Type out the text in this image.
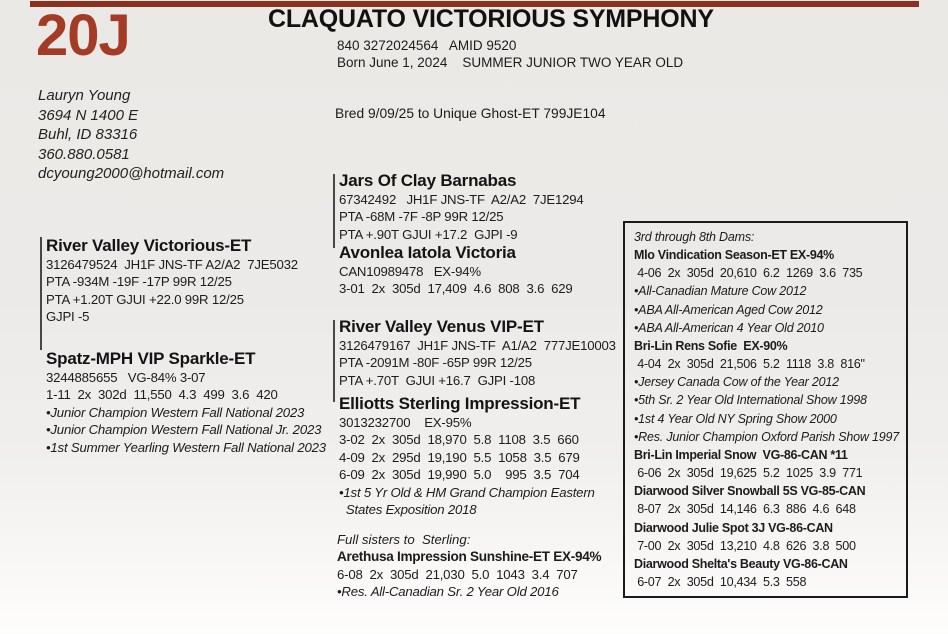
20J
Lauryn Young
3694 N 1400 E
Buhl, ID 83316
360.880.0581
dcyoung2000@hotmail.com
CLAQUATO VICTORIOUS SYMPHONY
840 3272024564   AMID 9520
Born June 1, 2024    SUMMER JUNIOR TWO YEAR OLD
Bred 9/09/25 to Unique Ghost-ET 799JE104
River Valley Victorious-ET
3126479524  JH1F JNS-TF A2/A2  7JE5032
PTA -934M -19F -17P 99R 12/25
PTA +1.20T GJUI +22.0 99R 12/25
GJPI -5
Spatz-MPH VIP Sparkle-ET
3244885655   VG-84% 3-07
1-11  2x  302d  11,550  4.3  499  3.6  420
•Junior Champion Western Fall National 2023
•Junior Champion Western Fall National Jr. 2023
•1st Summer Yearling Western Fall National 2023
Jars Of Clay Barnabas
67342492   JH1F JNS-TF  A2/A2  7JE1294
PTA -68M -7F -8P 99R 12/25
PTA +.90T GJUI +17.2  GJPI -9
Avonlea Iatola Victoria
CAN10989478   EX-94%
3-01  2x  305d  17,409  4.6  808  3.6  629
River Valley Venus VIP-ET
3126479167  JH1F JNS-TF  A1/A2  777JE10003
PTA -2091M -80F -65P 99R 12/25
PTA +.70T  GJUI +16.7  GJPI -108
Elliotts Sterling Impression-ET
3013232700    EX-95%
3-02  2x  305d  18,970  5.8  1108  3.5  660
4-09  2x  295d  19,190  5.5  1058  3.5  679
6-09  2x  305d  19,990  5.0    995  3.5  704
•1st 5 Yr Old & HM Grand Champion Eastern
States Exposition 2018
Full sisters to  Sterling:
Arethusa Impression Sunshine-ET EX-94%
6-08  2x  305d  21,030  5.0  1043  3.4  707
•Res. All-Canadian Sr. 2 Year Old 2016
3rd through 8th Dams:
Mlo Vindication Season-ET EX-94%
4-06  2x  305d  20,610  6.2  1269  3.6  735
•All-Canadian Mature Cow 2012
•ABA All-American Aged Cow 2012
•ABA All-American 4 Year Old 2010
Bri-Lin Rens Sofie  EX-90%
4-04  2x  305d  21,506  5.2  1118  3.8  816"
•Jersey Canada Cow of the Year 2012
•5th Sr. 2 Year Old International Show 1998
•1st 4 Year Old NY Spring Show 2000
•Res. Junior Champion Oxford Parish Show 1997
Bri-Lin Imperial Snow  VG-86-CAN *11
6-06  2x  305d  19,625  5.2  1025  3.9  771
Diarwood Silver Snowball 5S VG-85-CAN
8-07  2x  305d  14,146  6.3  886  4.6  648
Diarwood Julie Spot 3J VG-86-CAN
7-00  2x  305d  13,210  4.8  626  3.8  500
Diarwood Shelta's Beauty VG-86-CAN
6-07  2x  305d  10,434  5.3  558
